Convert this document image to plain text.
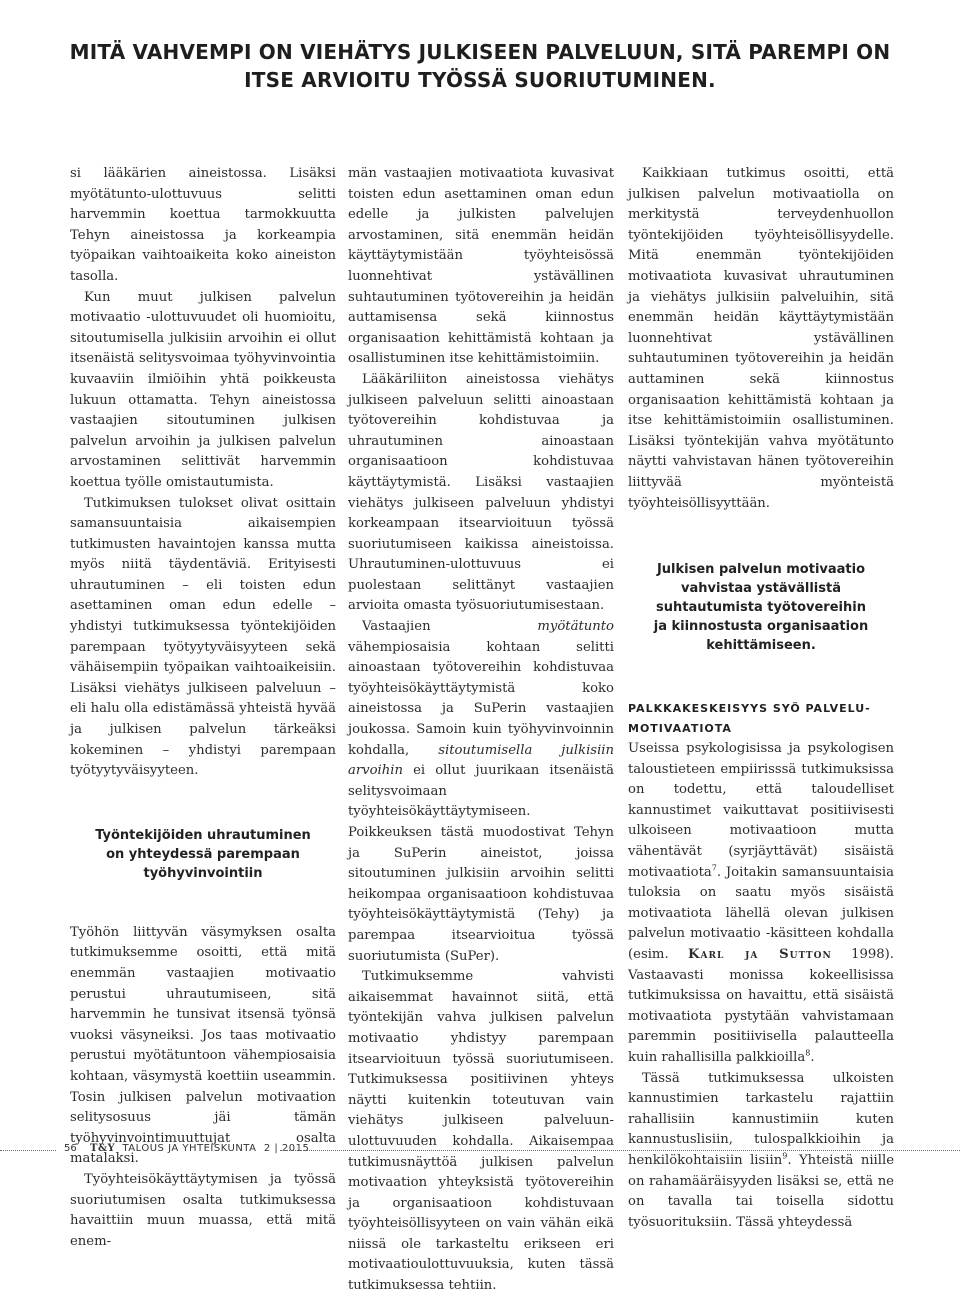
MITÄ VAHVEMPI ON VIEHÄTYS JULKISEEN PALVELUUN, SITÄ PAREMPI ON
ITSE ARVIOITU TYÖSSÄ SUORIUTUMINEN.

si lääkärien aineistossa. Lisäksi myötätunto-ulottuvuus selitti harvemmin koettua tarmokkuutta Tehyn aineistossa ja korkeampia työpaikan vaihtoaikeita koko aineiston tasolla.

Kun muut julkisen palvelun motivaatio -ulottuvuudet oli huomioitu, sitoutumisella julkisiin arvoihin ei ollut itsenäistä selitysvoimaa työhyvinvointia kuvaaviin ilmiöihin yhtä poikkeusta lukuun ottamatta. Tehyn aineistossa vastaajien sitoutuminen julkisen palvelun arvoihin ja julkisen palvelun arvostaminen selittivät harvemmin koettua työlle omistautumista.

Tutkimuksen tulokset olivat osittain samansuuntaisia aikaisempien tutkimusten havaintojen kanssa mutta myös niitä täydentäviä. Erityisesti uhrautuminen – eli toisten edun asettaminen oman edun edelle – yhdistyi tutkimuksessa työntekijöiden parempaan työtyytyväisyyteen sekä vähäisempiin työpaikan vaihtoaikeisiin. Lisäksi viehätys julkiseen palveluun – eli halu olla edistämässä yhteistä hyvää ja julkisen palvelun tärkeäksi kokeminen – yhdistyi parempaan työtyytyväisyyteen.

Työntekijöiden uhrautuminen
on yhteydessä parempaan
työhyvinvointiin

Työhön liittyvän väsymyksen osalta tutkimuksemme osoitti, että mitä enemmän vastaajien motivaatio perustui uhrautumiseen, sitä harvemmin he tunsivat itsensä työnsä vuoksi väsyneiksi. Jos taas motivaatio perustui myötätuntoon vähempiosaisia kohtaan, väsymystä koettiin useammin. Tosin julkisen palvelun motivaation selitysosuus jäi tämän työhyvinvointimuuttujat osalta matalaksi.

Työyhteisökäyttäytymisen ja työssä suoriutumisen osalta tutkimuksessa havaittiin muun muassa, että mitä enem-

män vastaajien motivaatiota kuvasivat toisten edun asettaminen oman edun edelle ja julkisten palvelujen arvostaminen, sitä enemmän heidän käyttäytymistään työyhteisössä luonnehtivat ystävällinen suhtautuminen työtovereihin ja heidän auttamisensa sekä kiinnostus organisaation kehittämistä kohtaan ja osallistuminen itse kehittämistoimiin.

Lääkäriliiton aineistossa viehätys julkiseen palveluun selitti ainoastaan työtovereihin kohdistuvaa ja uhrautuminen ainoastaan organisaatioon kohdistuvaa käyttäytymistä. Lisäksi vastaajien viehätys julkiseen palveluun yhdistyi korkeampaan itsearvioituun työssä suoriutumiseen kaikissa aineistoissa. Uhrautuminen-ulottuvuus ei puolestaan selittänyt vastaajien arvioita omasta työsuoriutumisestaan.

Vastaajien myötätunto vähempiosaisia kohtaan selitti ainoastaan työtovereihin kohdistuvaa työyhteisökäyttäytymistä koko aineistossa ja SuPerin vastaajien joukossa. Samoin kuin työhyvinvoinnin kohdalla, sitoutumisella julkisiin arvoihin ei ollut juurikaan itsenäistä selitysvoimaan työyhteisökäyttäytymiseen. Poikkeuksen tästä muodostivat Tehyn ja SuPerin aineistot, joissa sitoutuminen julkisiin arvoihin selitti heikompaa organisaatioon kohdistuvaa työyhteisökäyttäytymistä (Tehy) ja parempaa itsearvioitua työssä suoriutumista (SuPer).

Tutkimuksemme vahvisti aikaisemmat havainnot siitä, että työntekijän vahva julkisen palvelun motivaatio yhdistyy parempaan itsearvioituun työssä suoriutumiseen. Tutkimuksessa positiivinen yhteys näytti kuitenkin toteutuvan vain viehätys julkiseen palveluun-ulottuvuuden kohdalla. Aikaisempaa tutkimusnäyttöä julkisen palvelun motivaation yhteyksistä työtovereihin ja organisaatioon kohdistuvaan työyhteisöllisyyteen on vain vähän eikä niissä ole tarkasteltu erikseen eri motivaatioulottuvuuksia, kuten tässä tutkimuksessa tehtiin.

Kaikkiaan tutkimus osoitti, että julkisen palvelun motivaatiolla on merkitystä terveydenhuollon työntekijöiden työyhteisöllisyydelle. Mitä enemmän työntekijöiden motivaatiota kuvasivat uhrautuminen ja viehätys julkisiin palveluihin, sitä enemmän heidän käyttäytymistään luonnehtivat ystävällinen suhtautuminen työtovereihin ja heidän auttaminen sekä kiinnostus organisaation kehittämistä kohtaan ja itse kehittämistoimiin osallistuminen. Lisäksi työntekijän vahva myötätunto näytti vahvistavan hänen työtovereihin liittyvää myönteistä työyhteisöllisyyttään.

Julkisen palvelun motivaatio
vahvistaa ystävällistä
suhtautumista työtovereihin
ja kiinnostusta organisaation
kehittämiseen.
PALKKAKESKEISYYS SYÖ PALVELU-
MOTIVAATIOTA

Useissa psykologisissa ja psykologisen taloustieteen empiirisssä tutkimuksissa on todettu, että taloudelliset kannustimet vaikuttavat positiivisesti ulkoiseen motivaatioon mutta vähentävät (syrjäyttävät) sisäistä motivaatiota$^7$. Joitakin samansuuntaisia tuloksia on saatu myös sisäistä motivaatiota lähellä olevan julkisen palvelun motivaatio -käsitteen kohdalla (esim. Karl ja Sutton 1998). Vastaavasti monissa kokeellisissa tutkimuksissa on havaittu, että sisäistä motivaatiota pystytään vahvistamaan paremmin positiivisella palautteella kuin rahallisilla palkkioilla$^8$.

Tässä tutkimuksessa ulkoisten kannustimien tarkastelu rajattiin rahallisiin kannustimiin kuten kannustuslisiin, tulospalkkioihin ja henkilökohtaisiin lisiin$^9$. Yhteistä niille on rahamääräisyyden lisäksi se, että ne on tavalla tai toisella sidottu työsuorituksiin. Tässä yhteydessä

56 T&Y TALOUS JA YHTEISKUNTA 2 | 2015
